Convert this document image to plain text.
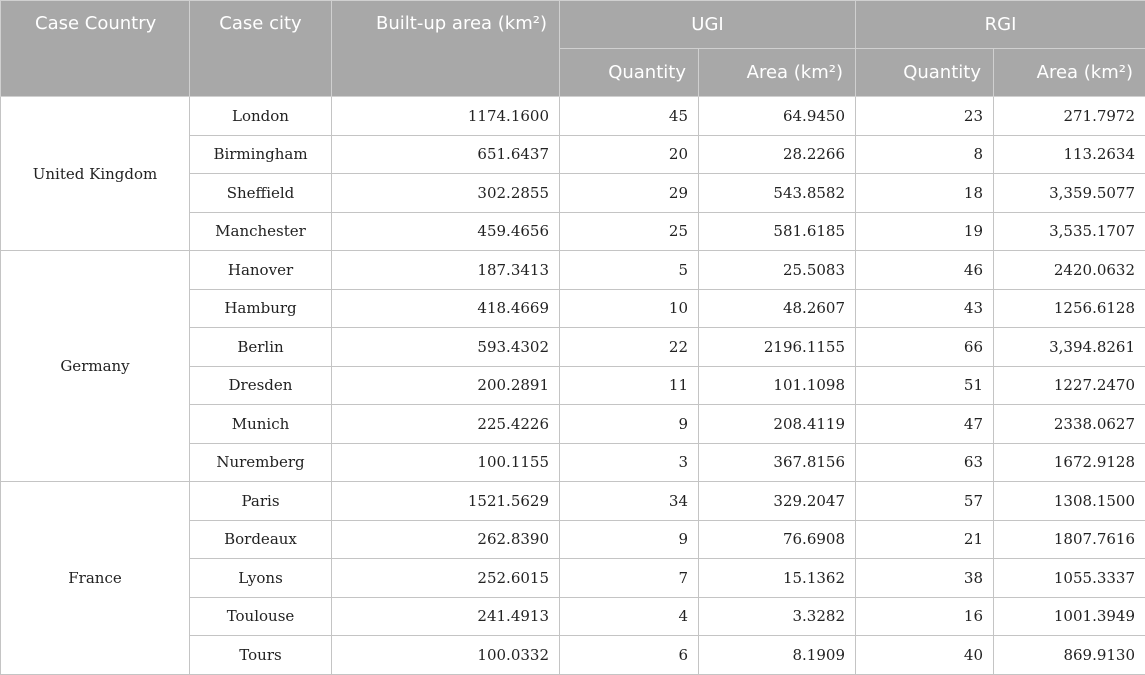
Case Country	Case city	Built-up area (km²)	UGI		RGI	
			Quantity	Area (km²)	Quantity	Area (km²)
United Kingdom	London	1174.1600	45	64.9450	23	271.7972
	Birmingham	651.6437	20	28.2266	8	113.2634
	Sheffield	302.2855	29	543.8582	18	3,359.5077
	Manchester	459.4656	25	581.6185	19	3,535.1707
Germany	Hanover	187.3413	5	25.5083	46	2420.0632
	Hamburg	418.4669	10	48.2607	43	1256.6128
	Berlin	593.4302	22	2196.1155	66	3,394.8261
	Dresden	200.2891	11	101.1098	51	1227.2470
	Munich	225.4226	9	208.4119	47	2338.0627
	Nuremberg	100.1155	3	367.8156	63	1672.9128
France	Paris	1521.5629	34	329.2047	57	1308.1500
	Bordeaux	262.8390	9	76.6908	21	1807.7616
	Lyons	252.6015	7	15.1362	38	1055.3337
	Toulouse	241.4913	4	3.3282	16	1001.3949
	Tours	100.0332	6	8.1909	40	869.9130
